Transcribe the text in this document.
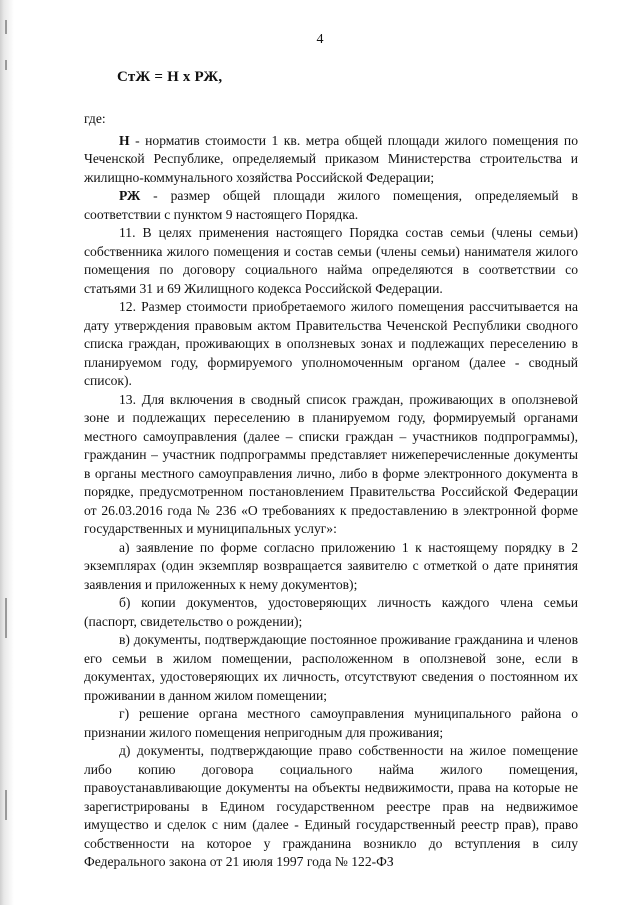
4
СтЖ = Н х РЖ,

где:

Н - норматив стоимости 1 кв. метра общей площади жилого помещения по Чеченской Республике, определяемый приказом Министерства строительства и жилищно-коммунального хозяйства Российской Федерации;

РЖ - размер общей площади жилого помещения, определяемый в соответствии с пунктом 9 настоящего Порядка.

11. В целях применения настоящего Порядка состав семьи (члены семьи) собственника жилого помещения и состав семьи (члены семьи) нанимателя жилого помещения по договору социального найма определяются в соответствии со статьями 31 и 69 Жилищного кодекса Российской Федерации.

12. Размер стоимости приобретаемого жилого помещения рассчитывается на дату утверждения правовым актом Правительства Чеченской Республики сводного списка граждан, проживающих в оползневых зонах и подлежащих переселению в планируемом году, формируемого уполномоченным органом (далее - сводный список).

13. Для включения в сводный список граждан, проживающих в оползневой зоне и подлежащих переселению в планируемом году, формируемый органами местного самоуправления (далее – списки граждан – участников подпрограммы), гражданин – участник подпрограммы представляет нижеперечисленные документы в органы местного самоуправления лично, либо в форме электронного документа в порядке, предусмотренном постановлением Правительства Российской Федерации от 26.03.2016 года № 236 «О требованиях к предоставлению в электронной форме государственных и муниципальных услуг»:

а) заявление по форме согласно приложению 1 к настоящему порядку в 2 экземплярах (один экземпляр возвращается заявителю с отметкой о дате принятия заявления и приложенных к нему документов);

б) копии документов, удостоверяющих личность каждого члена семьи (паспорт, свидетельство о рождении);

в) документы, подтверждающие постоянное проживание гражданина и членов его семьи в жилом помещении, расположенном в оползневой зоне, если в документах, удостоверяющих их личность, отсутствуют сведения о постоянном их проживании в данном жилом помещении;

г) решение органа местного самоуправления муниципального района о признании жилого помещения непригодным для проживания;

д) документы, подтверждающие право собственности на жилое помещение либо копию договора социального найма жилого помещения, правоустанавливающие документы на объекты недвижимости, права на которые не зарегистрированы в Едином государственном реестре прав на недвижимое имущество и сделок с ним (далее - Единый государственный реестр прав), право собственности на которое у гражданина возникло до вступления в силу Федерального закона от 21 июля 1997 года № 122-ФЗ
